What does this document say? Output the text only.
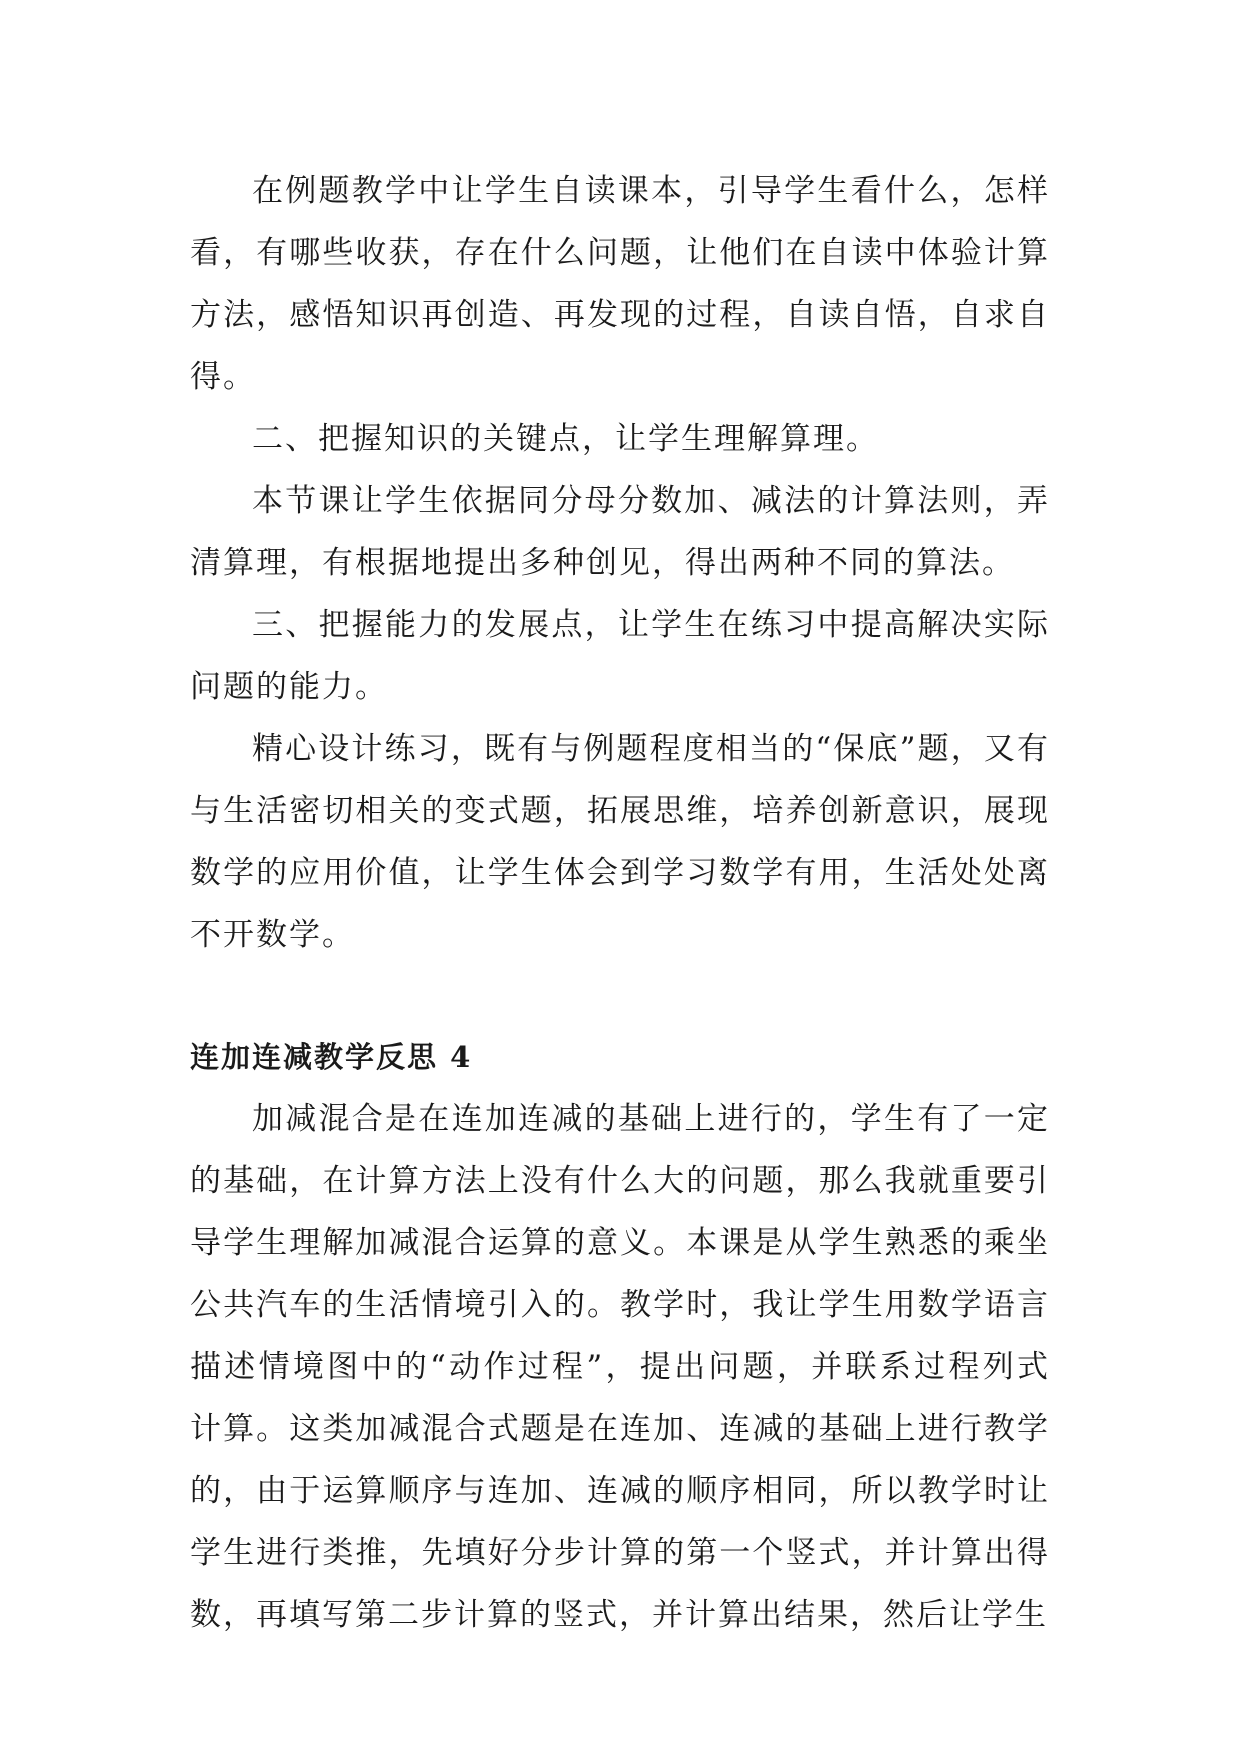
在例题教学中让学生自读课本，引导学生看什么，怎样看，有哪些收获，存在什么问题，让他们在自读中体验计算方法，感悟知识再创造、再发现的过程，自读自悟，自求自得。

二、把握知识的关键点，让学生理解算理。

本节课让学生依据同分母分数加、减法的计算法则，弄清算理，有根据地提出多种创见，得出两种不同的算法。

三、把握能力的发展点，让学生在练习中提高解决实际问题的能力。

精心设计练习，既有与例题程度相当的“保底”题，又有与生活密切相关的变式题，拓展思维，培养创新意识，展现数学的应用价值，让学生体会到学习数学有用，生活处处离不开数学。

连加连减教学反思 4

加减混合是在连加连减的基础上进行的，学生有了一定的基础，在计算方法上没有什么大的问题，那么我就重要引导学生理解加减混合运算的意义。本课是从学生熟悉的乘坐公共汽车的生活情境引入的。教学时，我让学生用数学语言描述情境图中的“动作过程”，提出问题，并联系过程列式计算。这类加减混合式题是在连加、连减的基础上进行教学的，由于运算顺序与连加、连减的顺序相同，所以教学时让学生进行类推，先填好分步计算的第一个竖式，并计算出得数，再填写第二步计算的竖式，并计算出结果，然后让学生
